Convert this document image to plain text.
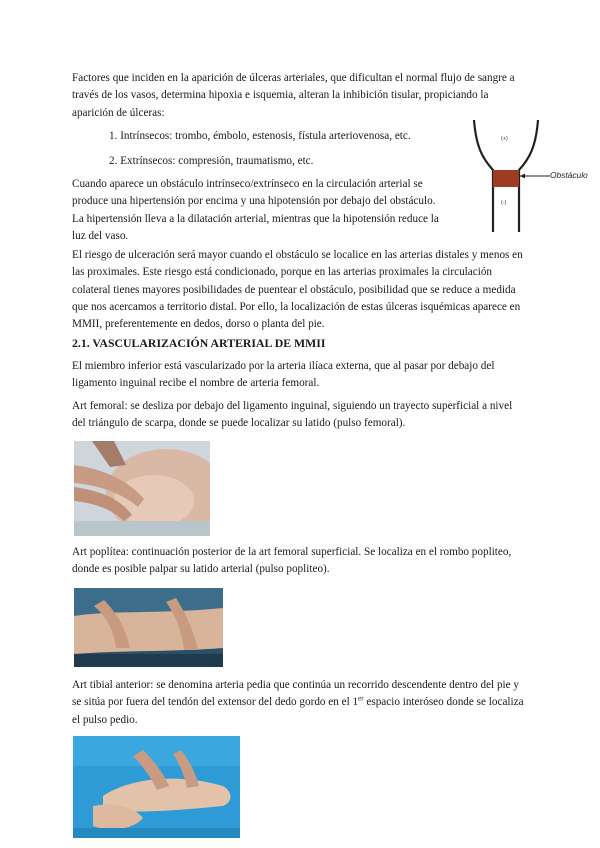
Factores que inciden en la aparición de úlceras arteriales, que dificultan el normal flujo de sangre a través de los vasos, determina hipoxia e isquemia, alteran la inhibición tisular, propiciando la aparición de úlceras:

1. Intrínsecos: trombo, émbolo, estenosis, fístula arteriovenosa, etc.

2. Extrínsecos: compresión, traumatismo, etc.

Cuando aparece un obstáculo intrínseco/extrínseco en la circulación arterial se produce una hipertensión por encima y una hipotensión por debajo del obstáculo. La hipertensión lleva a la dilatación arterial, mientras que la hipotensión reduce la luz del vaso.

(+)
(-)
Obstáculo

El riesgo de ulceración será mayor cuando el obstáculo se localice en las arterias distales y menos en las proximales. Este riesgo está condicionado, porque en las arterias proximales la circulación colateral tienes mayores posibilidades de puentear el obstáculo, posibilidad que se reduce a medida que nos acercamos a territorio distal. Por ello, la localización de estas úlceras isquémicas aparece en MMII, preferentemente en dedos, dorso o planta del pie.

2.1. VASCULARIZACIÓN ARTERIAL DE MMII

El miembro inferior está vascularizado por la arteria ilíaca externa, que al pasar por debajo del ligamento inguinal recibe el nombre de arteria femoral.

Art femoral: se desliza por debajo del ligamento inguinal, siguiendo un trayecto superficial a nivel del triángulo de scarpa, donde se puede localizar su latido (pulso femoral).

Art poplítea: continuación posterior de la art femoral superficial. Se localiza en el rombo popliteo, donde es posible palpar su latido arterial (pulso popliteo).

Art tibial anterior: se denomina arteria pedia que continúa un recorrido descendente dentro del pie y se sitúa por fuera del tendón del extensor del dedo gordo en el 1er espacio interóseo donde se localiza el pulso pedio.
